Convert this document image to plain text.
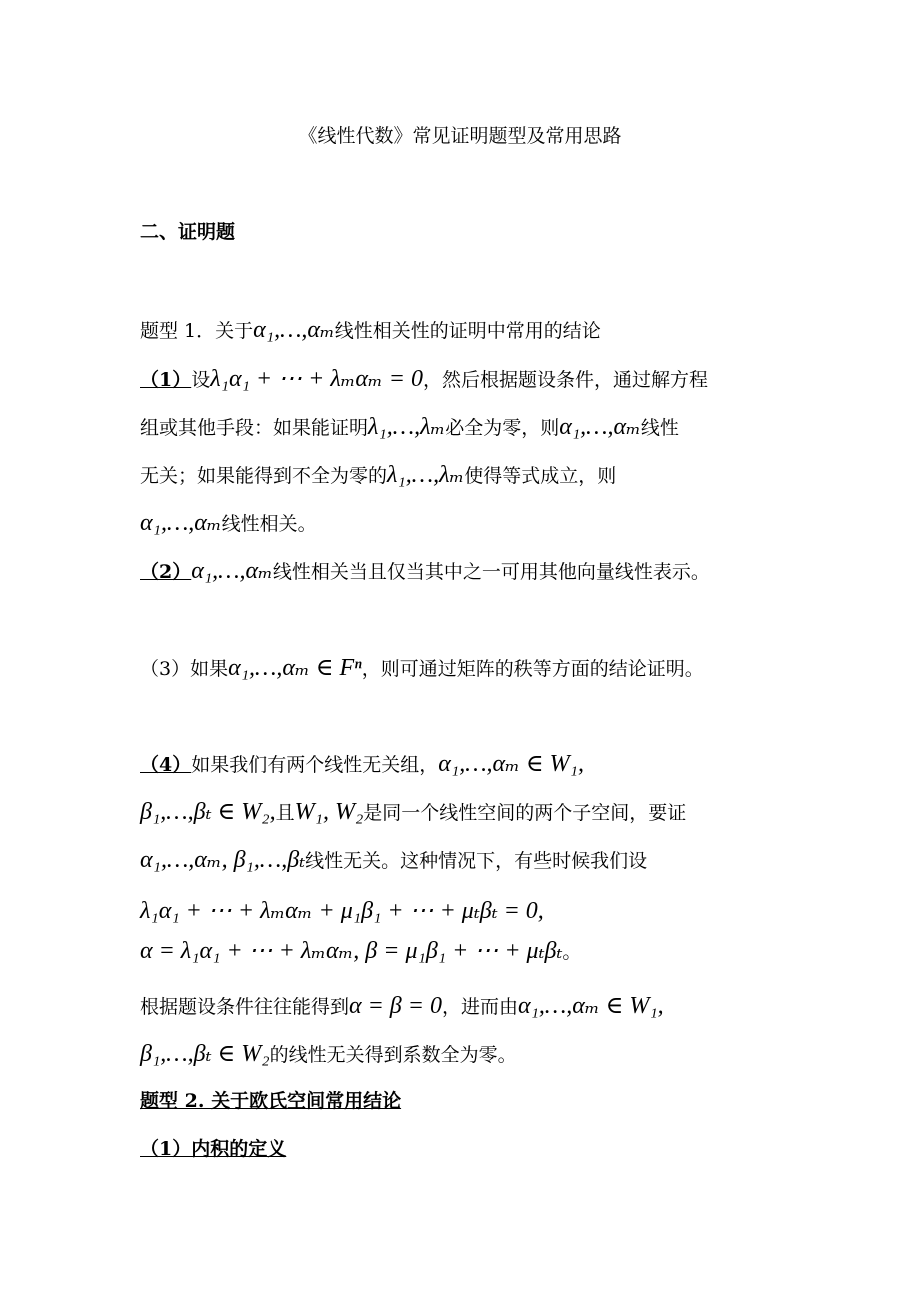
《线性代数》常见证明题型及常用思路
二、证明题
题型 1．关于α₁,…,αₘ线性相关性的证明中常用的结论
（1）设λ₁α₁ + ⋯ + λₘαₘ = 0，然后根据题设条件，通过解方程
组或其他手段：如果能证明λ₁,…,λₘ必全为零，则α₁,…,αₘ线性
无关；如果能得到不全为零的λ₁,…,λₘ使得等式成立，则
α₁,…,αₘ线性相关。
（2）α₁,…,αₘ线性相关当且仅当其中之一可用其他向量线性表示。
（3）如果α₁,…,αₘ ∈ Fⁿ，则可通过矩阵的秩等方面的结论证明。
（4）如果我们有两个线性无关组，α₁,…,αₘ ∈ W₁,
β₁,…,βₜ ∈ W₂,且W₁, W₂是同一个线性空间的两个子空间，要证
α₁,…,αₘ, β₁,…,βₜ线性无关。这种情况下，有些时候我们设
λ₁α₁ + ⋯ + λₘαₘ + μ₁β₁ + ⋯ + μₜβₜ = 0,
α = λ₁α₁ + ⋯ + λₘαₘ, β = μ₁β₁ + ⋯ + μₜβₜ。
根据题设条件往往能得到α = β = 0，进而由α₁,…,αₘ ∈ W₁,
β₁,…,βₜ ∈ W₂的线性无关得到系数全为零。
题型 2. 关于欧氏空间常用结论
（1）内积的定义
